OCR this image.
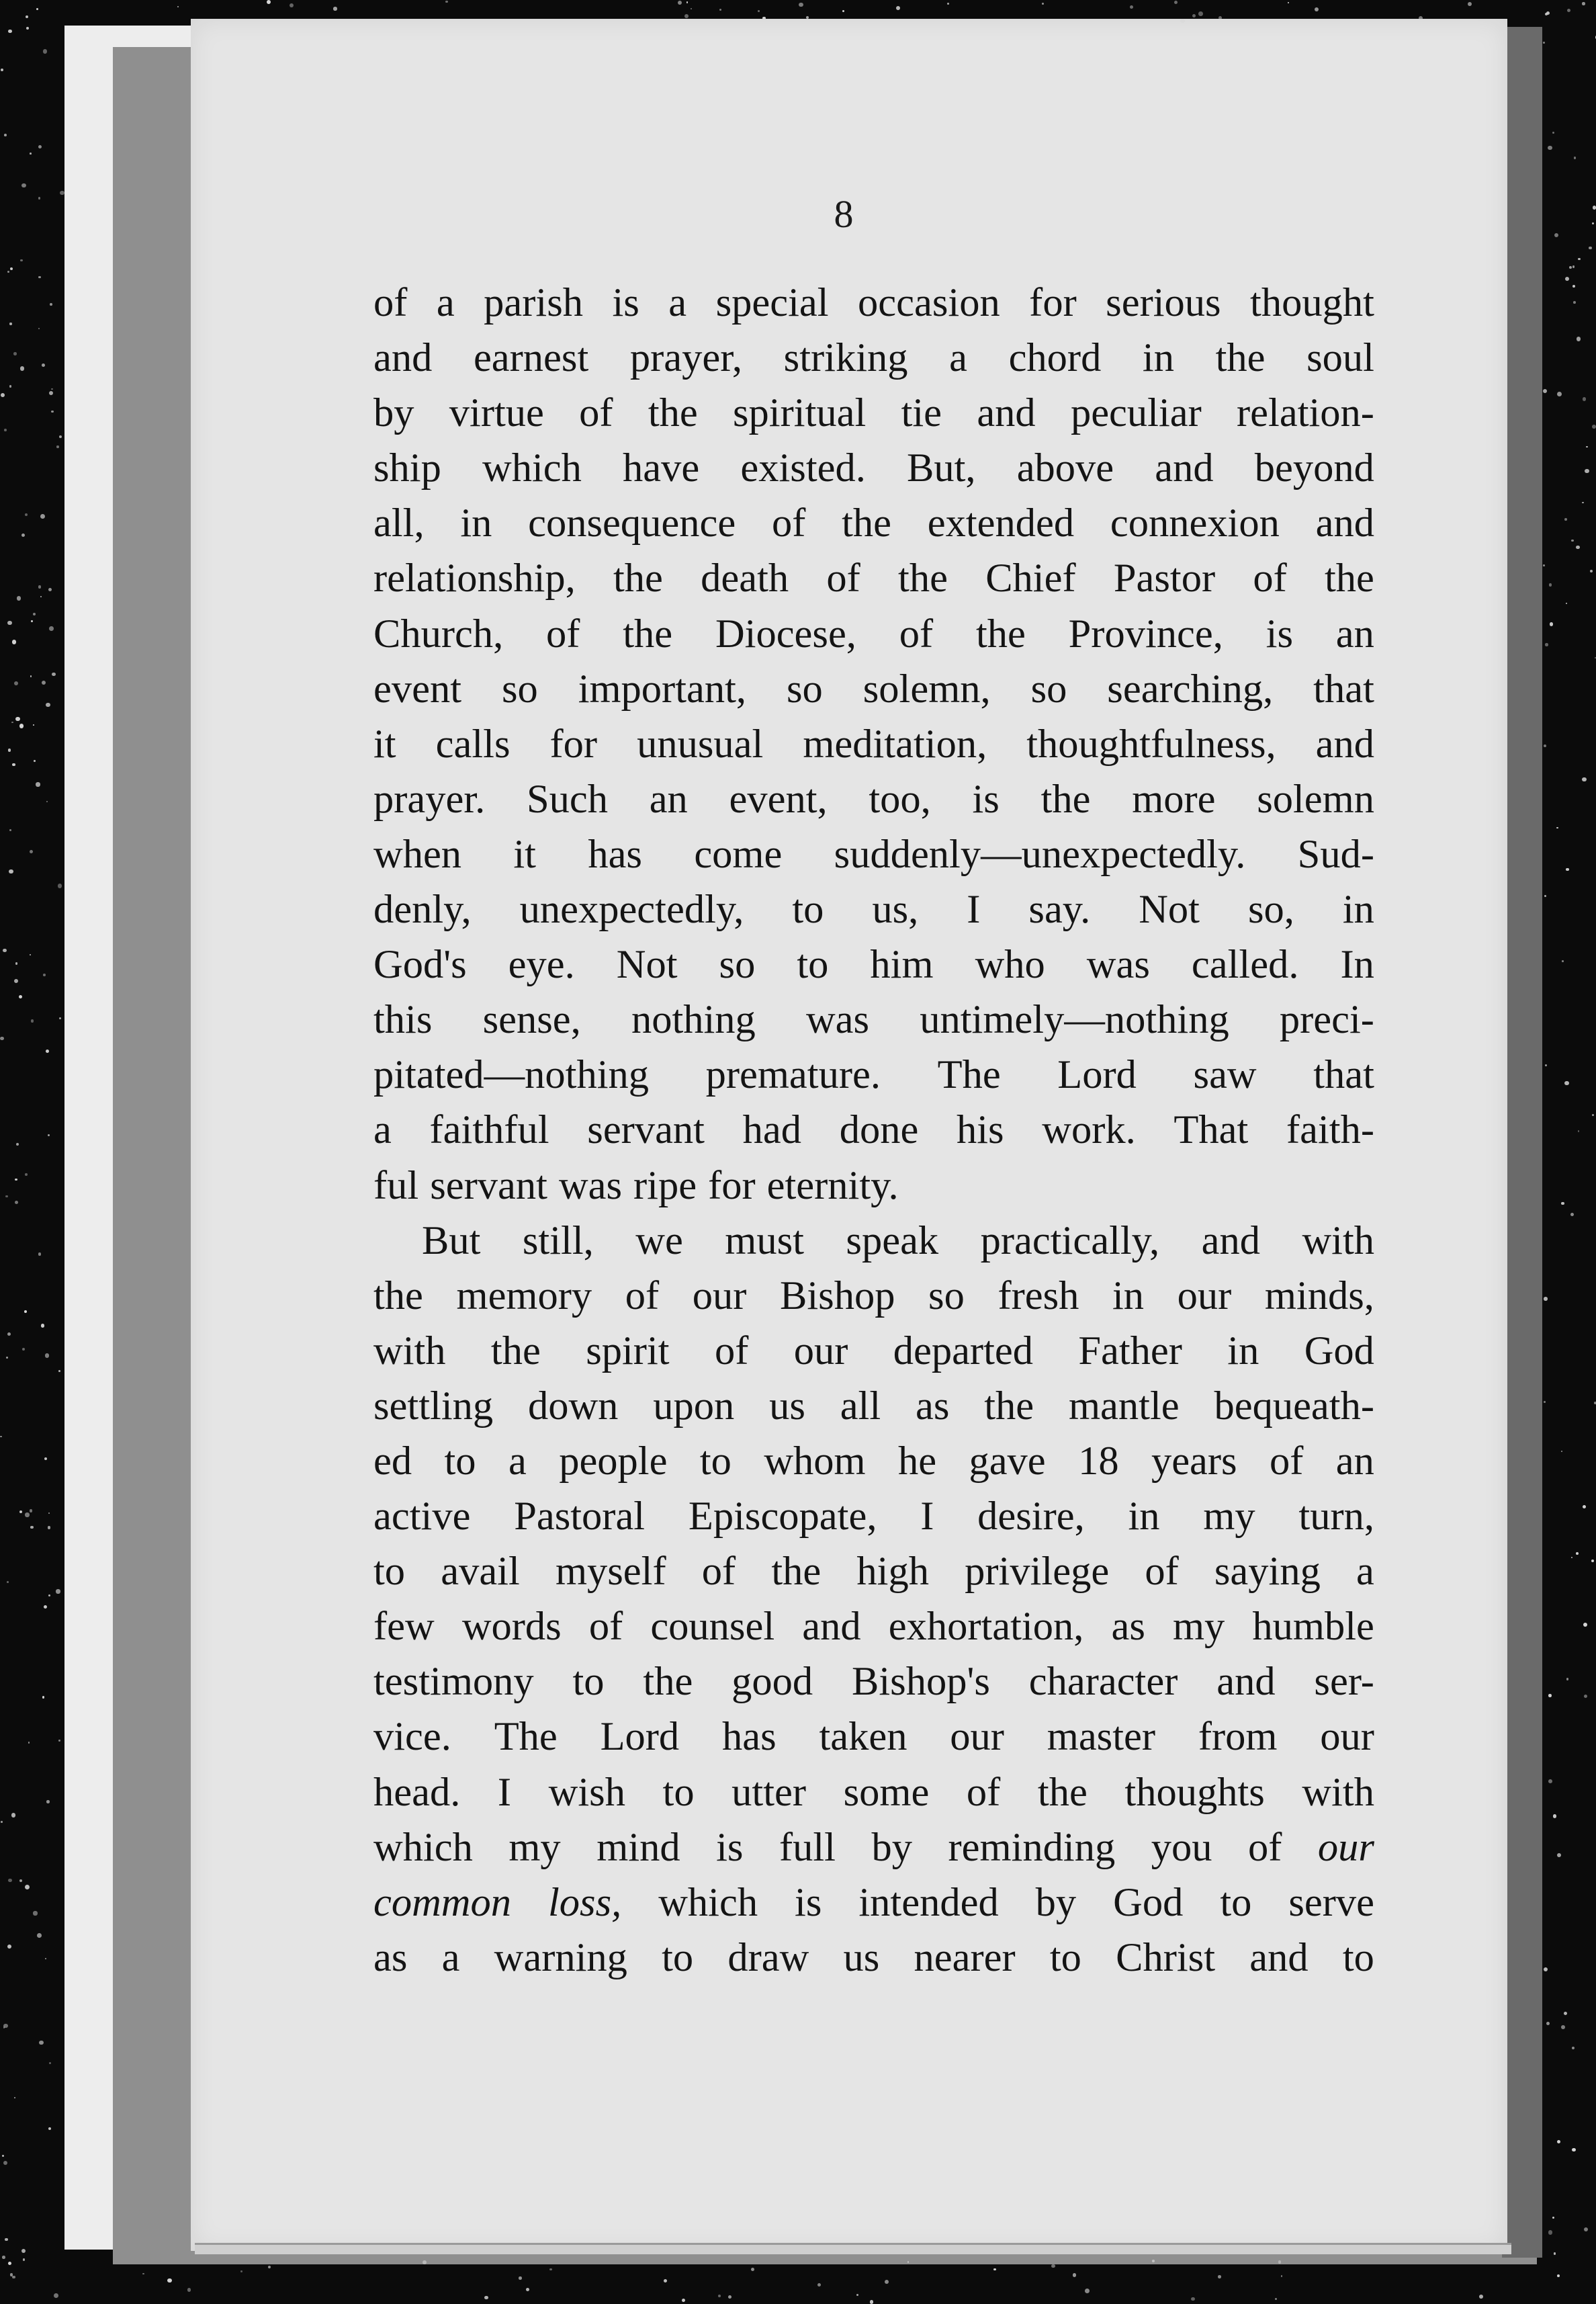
8
of a parish is a special occasion for serious thought
and earnest prayer, striking a chord in the soul
by virtue of the spiritual tie and peculiar relation-
ship which have existed. But, above and beyond
all, in consequence of the extended connexion and
relationship, the death of the Chief Pastor of the
Church, of the Diocese, of the Province, is an
event so important, so solemn, so searching, that
it calls for unusual meditation, thoughtfulness, and
prayer. Such an event, too, is the more solemn
when it has come suddenly—unexpectedly. Sud-
denly, unexpectedly, to us, I say. Not so, in
God's eye. Not so to him who was called. In
this sense, nothing was untimely—nothing preci-
pitated—nothing premature. The Lord saw that
a faithful servant had done his work. That faith-
ful servant was ripe for eternity.
But still, we must speak practically, and with
the memory of our Bishop so fresh in our minds,
with the spirit of our departed Father in God
settling down upon us all as the mantle bequeath-
ed to a people to whom he gave 18 years of an
active Pastoral Episcopate, I desire, in my turn,
to avail myself of the high privilege of saying a
few words of counsel and exhortation, as my humble
testimony to the good Bishop's character and ser-
vice. The Lord has taken our master from our
head. I wish to utter some of the thoughts with
which my mind is full by reminding you of our
common loss, which is intended by God to serve
as a warning to draw us nearer to Christ and to
